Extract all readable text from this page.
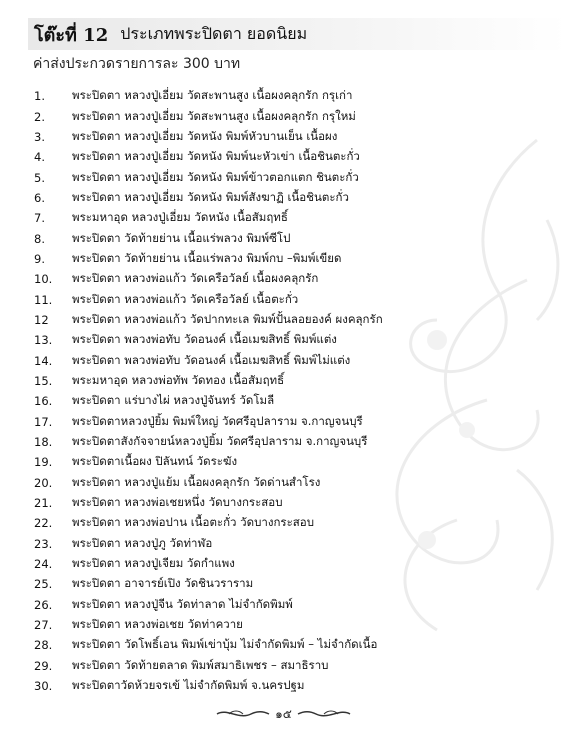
โต๊ะที่ 12 ประเภทพระปิดตา ยอดนิยม
ค่าส่งประกวดรายการละ 300 บาท
1.	พระปิดตา หลวงปู่เอี่ยม วัดสะพานสูง เนื้อผงคลุกรัก กรุเก่า
2.	พระปิดตา หลวงปู่เอี่ยม วัดสะพานสูง เนื้อผงคลุกรัก กรุใหม่
3.	พระปิดตา หลวงปู่เอี่ยม วัดหนัง พิมพ์หัวบานเย็น เนื้อผง
4.	พระปิดตา หลวงปู่เอี่ยม วัดหนัง พิมพ์นะหัวเข่า เนื้อชินตะกั่ว
5.	พระปิดตา หลวงปู่เอี่ยม วัดหนัง พิมพ์ข้าวตอกแตก ชินตะกั่ว
6.	พระปิดตา หลวงปู่เอี่ยม วัดหนัง พิมพ์สังฆาฏิ เนื้อชินตะกั่ว
7.	พระมหาอุด หลวงปู่เอี่ยม วัดหนัง เนื้อสัมฤทธิ์
8.	พระปิดตา วัดท้ายย่าน เนื้อแร่พลวง พิมพ์ซีโป
9.	พระปิดตา วัดท้ายย่าน เนื้อแร่พลวง พิมพ์กบ –พิมพ์เขียด
10.	พระปิดตา หลวงพ่อแก้ว วัดเครือวัลย์ เนื้อผงคลุกรัก
11.	พระปิดตา หลวงพ่อแก้ว วัดเครือวัลย์ เนื้อตะกั่ว
12	พระปิดตา หลวงพ่อแก้ว วัดปากทะเล พิมพ์ปั้นลอยองค์ ผงคลุกรัก
13.	พระปิดตา พลวงพ่อทับ วัดอนงค์ เนื้อเมฆสิทธิ์ พิมพ์แต่ง
14.	พระปิดตา พลวงพ่อทับ วัดอนงค์ เนื้อเมฆสิทธิ์ พิมพ์ไม่แต่ง
15.	พระมหาอุด หลวงพ่อทัพ วัดทอง เนื้อสัมฤทธิ์
16.	พระปิดตา แร่บางไผ่ หลวงปู่จันทร์ วัดโมลี
17.	พระปิดตาหลวงปู่ยิ้ม พิมพ์ใหญ่ วัดศรีอุปลาราม จ.กาญจนบุรี
18.	พระปิดตาสังกัจจายน์หลวงปู่ยิ้ม วัดศรีอุปลาราม จ.กาญจนบุรี
19.	พระปิดตาเนื้อผง ปิลันทน์ วัดระฆัง
20.	พระปิดตา หลวงปู่แย้ม เนื้อผงคลุกรัก วัดด่านสำโรง
21.	พระปิดตา หลวงพ่อเชยหนึ่ง วัดบางกระสอบ
22.	พระปิดตา หลวงพ่อปาน เนื้อตะกั่ว วัดบางกระสอบ
23.	พระปิดตา หลวงปู่ภู วัดท่าฬ่อ
24.	พระปิดตา หลวงปู่เจียม วัดกำแพง
25.	พระปิดตา อาจารย์เปิง วัดชินวราราม
26.	พระปิดตา หลวงปู่จีน วัดท่าลาด ไม่จำกัดพิมพ์
27.	พระปิดตา หลวงพ่อเชย วัดท่าควาย
28.	พระปิดตา วัดโพธิ์เอน พิมพ์เข่าบุ้ม ไม่จำกัดพิมพ์ – ไม่จำกัดเนื้อ
29.	พระปิดตา วัดท้ายตลาด พิมพ์สมาธิเพชร – สมาธิราบ
30.	พระปิดตาวัดห้วยจรเข้ ไม่จำกัดพิมพ์ จ.นครปฐม
๑๕
